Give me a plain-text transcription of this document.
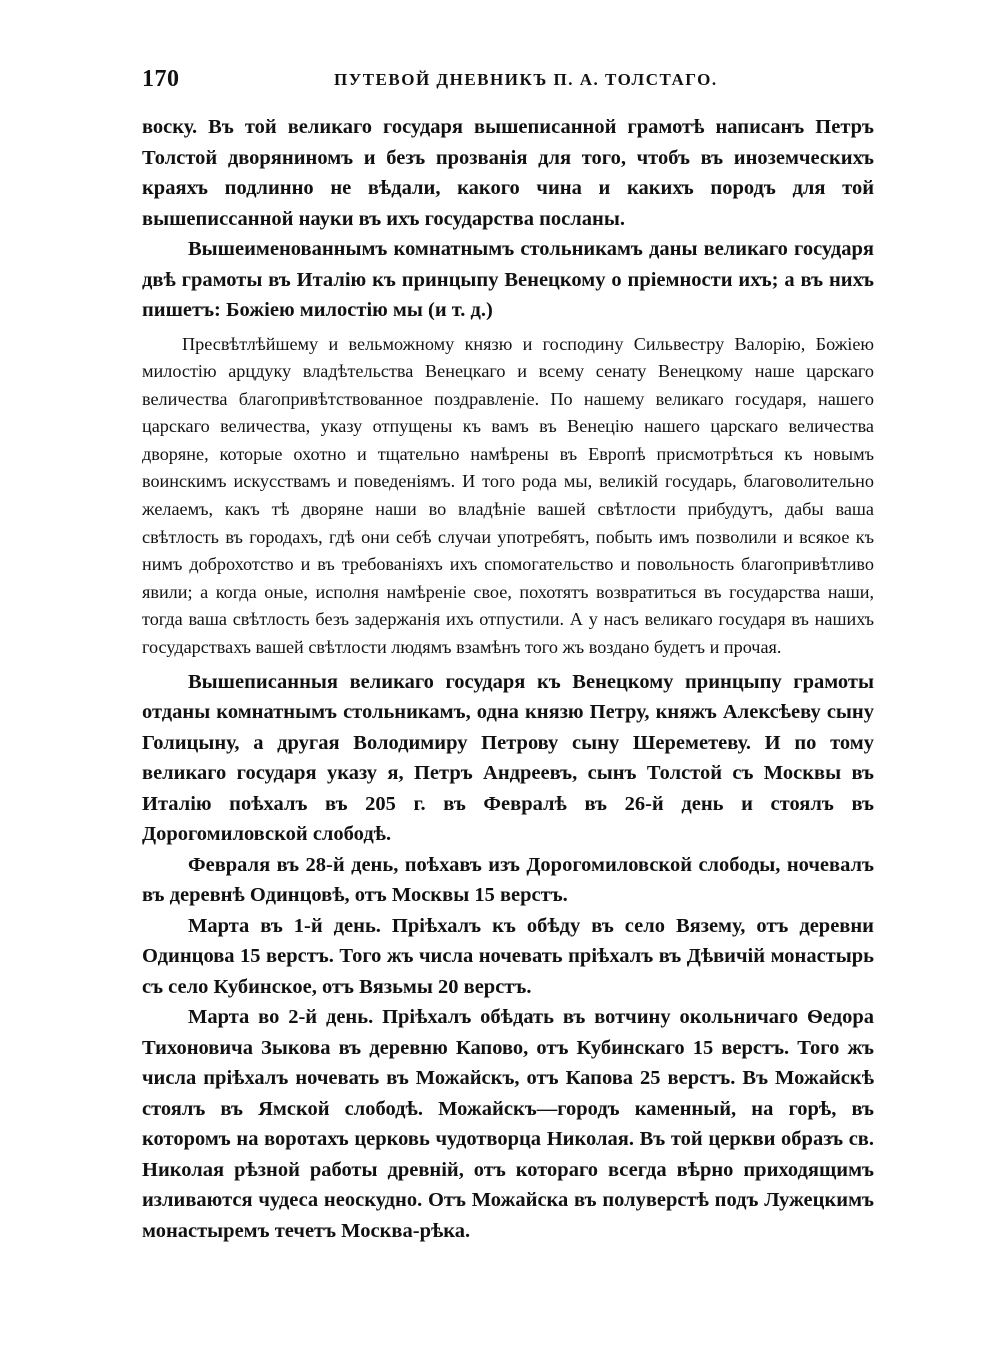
170	ПУТЕВОЙ ДНЕВНИКЪ П. А. ТОЛСТАГО.

воску. Въ той великаго государя вышеписанной грамотѣ написанъ Петръ Толстой дворяниномъ и безъ прозванія для того, чтобъ въ иноземческихъ краяхъ подлинно не вѣдали, какого чина и какихъ породъ для той вышеписсанной науки въ ихъ государства посланы.

Вышеименованнымъ комнатнымъ стольникамъ даны великаго государя двѣ грамоты въ Италію къ принцыпу Венецкому о пріемности ихъ; а въ нихъ пишетъ: Божіею милостію мы (и т. д.)

Пресвѣтлѣйшему и вельможному князю и господину Сильвестру Валорію, Божіею милостію арцдуку владѣтельства Венецкаго и всему сенату Венецкому наше царскаго величества благопривѣтствованное поздравленіе. По нашему великаго государя, нашего царскаго величества, указу отпущены къ вамъ въ Венецію нашего царскаго величества дворяне, которые охотно и тщательно намѣрены въ Европѣ присмотрѣться къ новымъ воинскимъ искусствамъ и поведеніямъ. И того рода мы, великій государь, благоволительно желаемъ, какъ тѣ дворяне наши во владѣніе вашей свѣтлости прибудутъ, дабы ваша свѣтлость въ городахъ, гдѣ они себѣ случаи употребятъ, побыть имъ позволили и всякое къ нимъ доброхотство и въ требованіяхъ ихъ спомогательство и повольность благопривѣтливо явили; а когда оные, исполня намѣреніе свое, похотятъ возвратиться въ государства наши, тогда ваша свѣтлость безъ задержанія ихъ отпустили. А у насъ великаго государя въ нашихъ государствахъ вашей свѣтлости людямъ взамѣнъ того жъ воздано будетъ и прочая.

Вышеписанныя великаго государя къ Венецкому принцыпу грамоты отданы комнатнымъ стольникамъ, одна князю Петру, княжъ Алексѣеву сыну Голицыну, а другая Володимиру Петрову сыну Шереметеву. И по тому великаго государя указу я, Петръ Андреевъ, сынъ Толстой съ Москвы въ Италію поѣхалъ въ 205 г. въ Февралѣ въ 26-й день и стоялъ въ Дорогомиловской слободѣ.

Февраля въ 28-й день, поѣхавъ изъ Дорогомиловской слободы, ночевалъ въ деревнѣ Одинцовѣ, отъ Москвы 15 верстъ.

Марта въ 1-й день. Пріѣхалъ къ обѣду въ село Вязему, отъ деревни Одинцова 15 верстъ. Того жъ числа ночевать пріѣхалъ въ Дѣвичій монастырь съ село Кубинское, отъ Вязьмы 20 верстъ.

Марта во 2-й день. Пріѣхалъ обѣдать въ вотчину окольничаго Ѳедора Тихоновича Зыкова въ деревню Капово, отъ Кубинскаго 15 верстъ. Того жъ числа пріѣхалъ ночевать въ Можайскъ, отъ Капова 25 верстъ. Въ Можайскѣ стоялъ въ Ямской слободѣ. Можайскъ—городъ каменный, на горѣ, въ которомъ на воротахъ церковь чудотворца Николая. Въ той церкви образъ св. Николая рѣзной работы древній, отъ котораго всегда вѣрно приходящимъ изливаются чудеса неоскудно. Отъ Можайска въ полуверстѣ подъ Лужецкимъ монастыремъ течетъ Москва-рѣка.
